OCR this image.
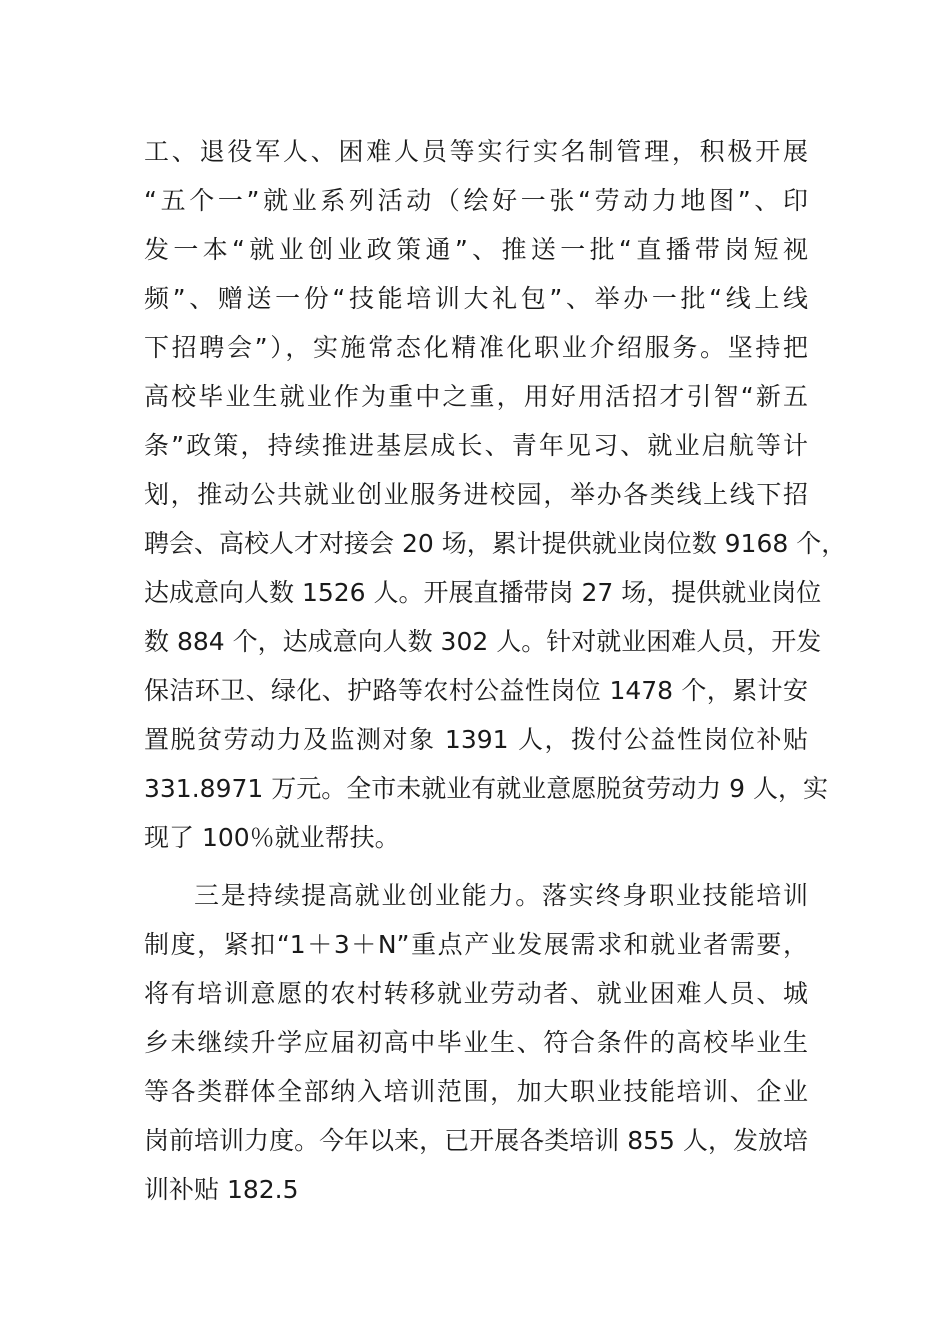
工、退役军人、困难人员等实行实名制管理，积极开展
“五个一”就业系列活动（绘好一张“劳动力地图”、印
发一本“就业创业政策通”、推送一批“直播带岗短视
频”、赠送一份“技能培训大礼包”、举办一批“线上线
下招聘会”），实施常态化精准化职业介绍服务。坚持把
高校毕业生就业作为重中之重，用好用活招才引智“新五
条”政策，持续推进基层成长、青年见习、就业启航等计
划，推动公共就业创业服务进校园，举办各类线上线下招
聘会、高校人才对接会 20 场，累计提供就业岗位数 9168 个，
达成意向人数 1526 人。开展直播带岗 27 场，提供就业岗位
数 884 个，达成意向人数 302 人。针对就业困难人员，开发
保洁环卫、绿化、护路等农村公益性岗位 1478 个，累计安
置脱贫劳动力及监测对象 1391 人，拨付公益性岗位补贴
331.8971 万元。全市未就业有就业意愿脱贫劳动力 9 人，实
现了 100％就业帮扶。
三是持续提高就业创业能力。落实终身职业技能培训
制度，紧扣“1＋3＋N”重点产业发展需求和就业者需要，
将有培训意愿的农村转移就业劳动者、就业困难人员、城
乡未继续升学应届初高中毕业生、符合条件的高校毕业生
等各类群体全部纳入培训范围，加大职业技能培训、企业
岗前培训力度。今年以来，已开展各类培训 855 人，发放培
训补贴 182.5
